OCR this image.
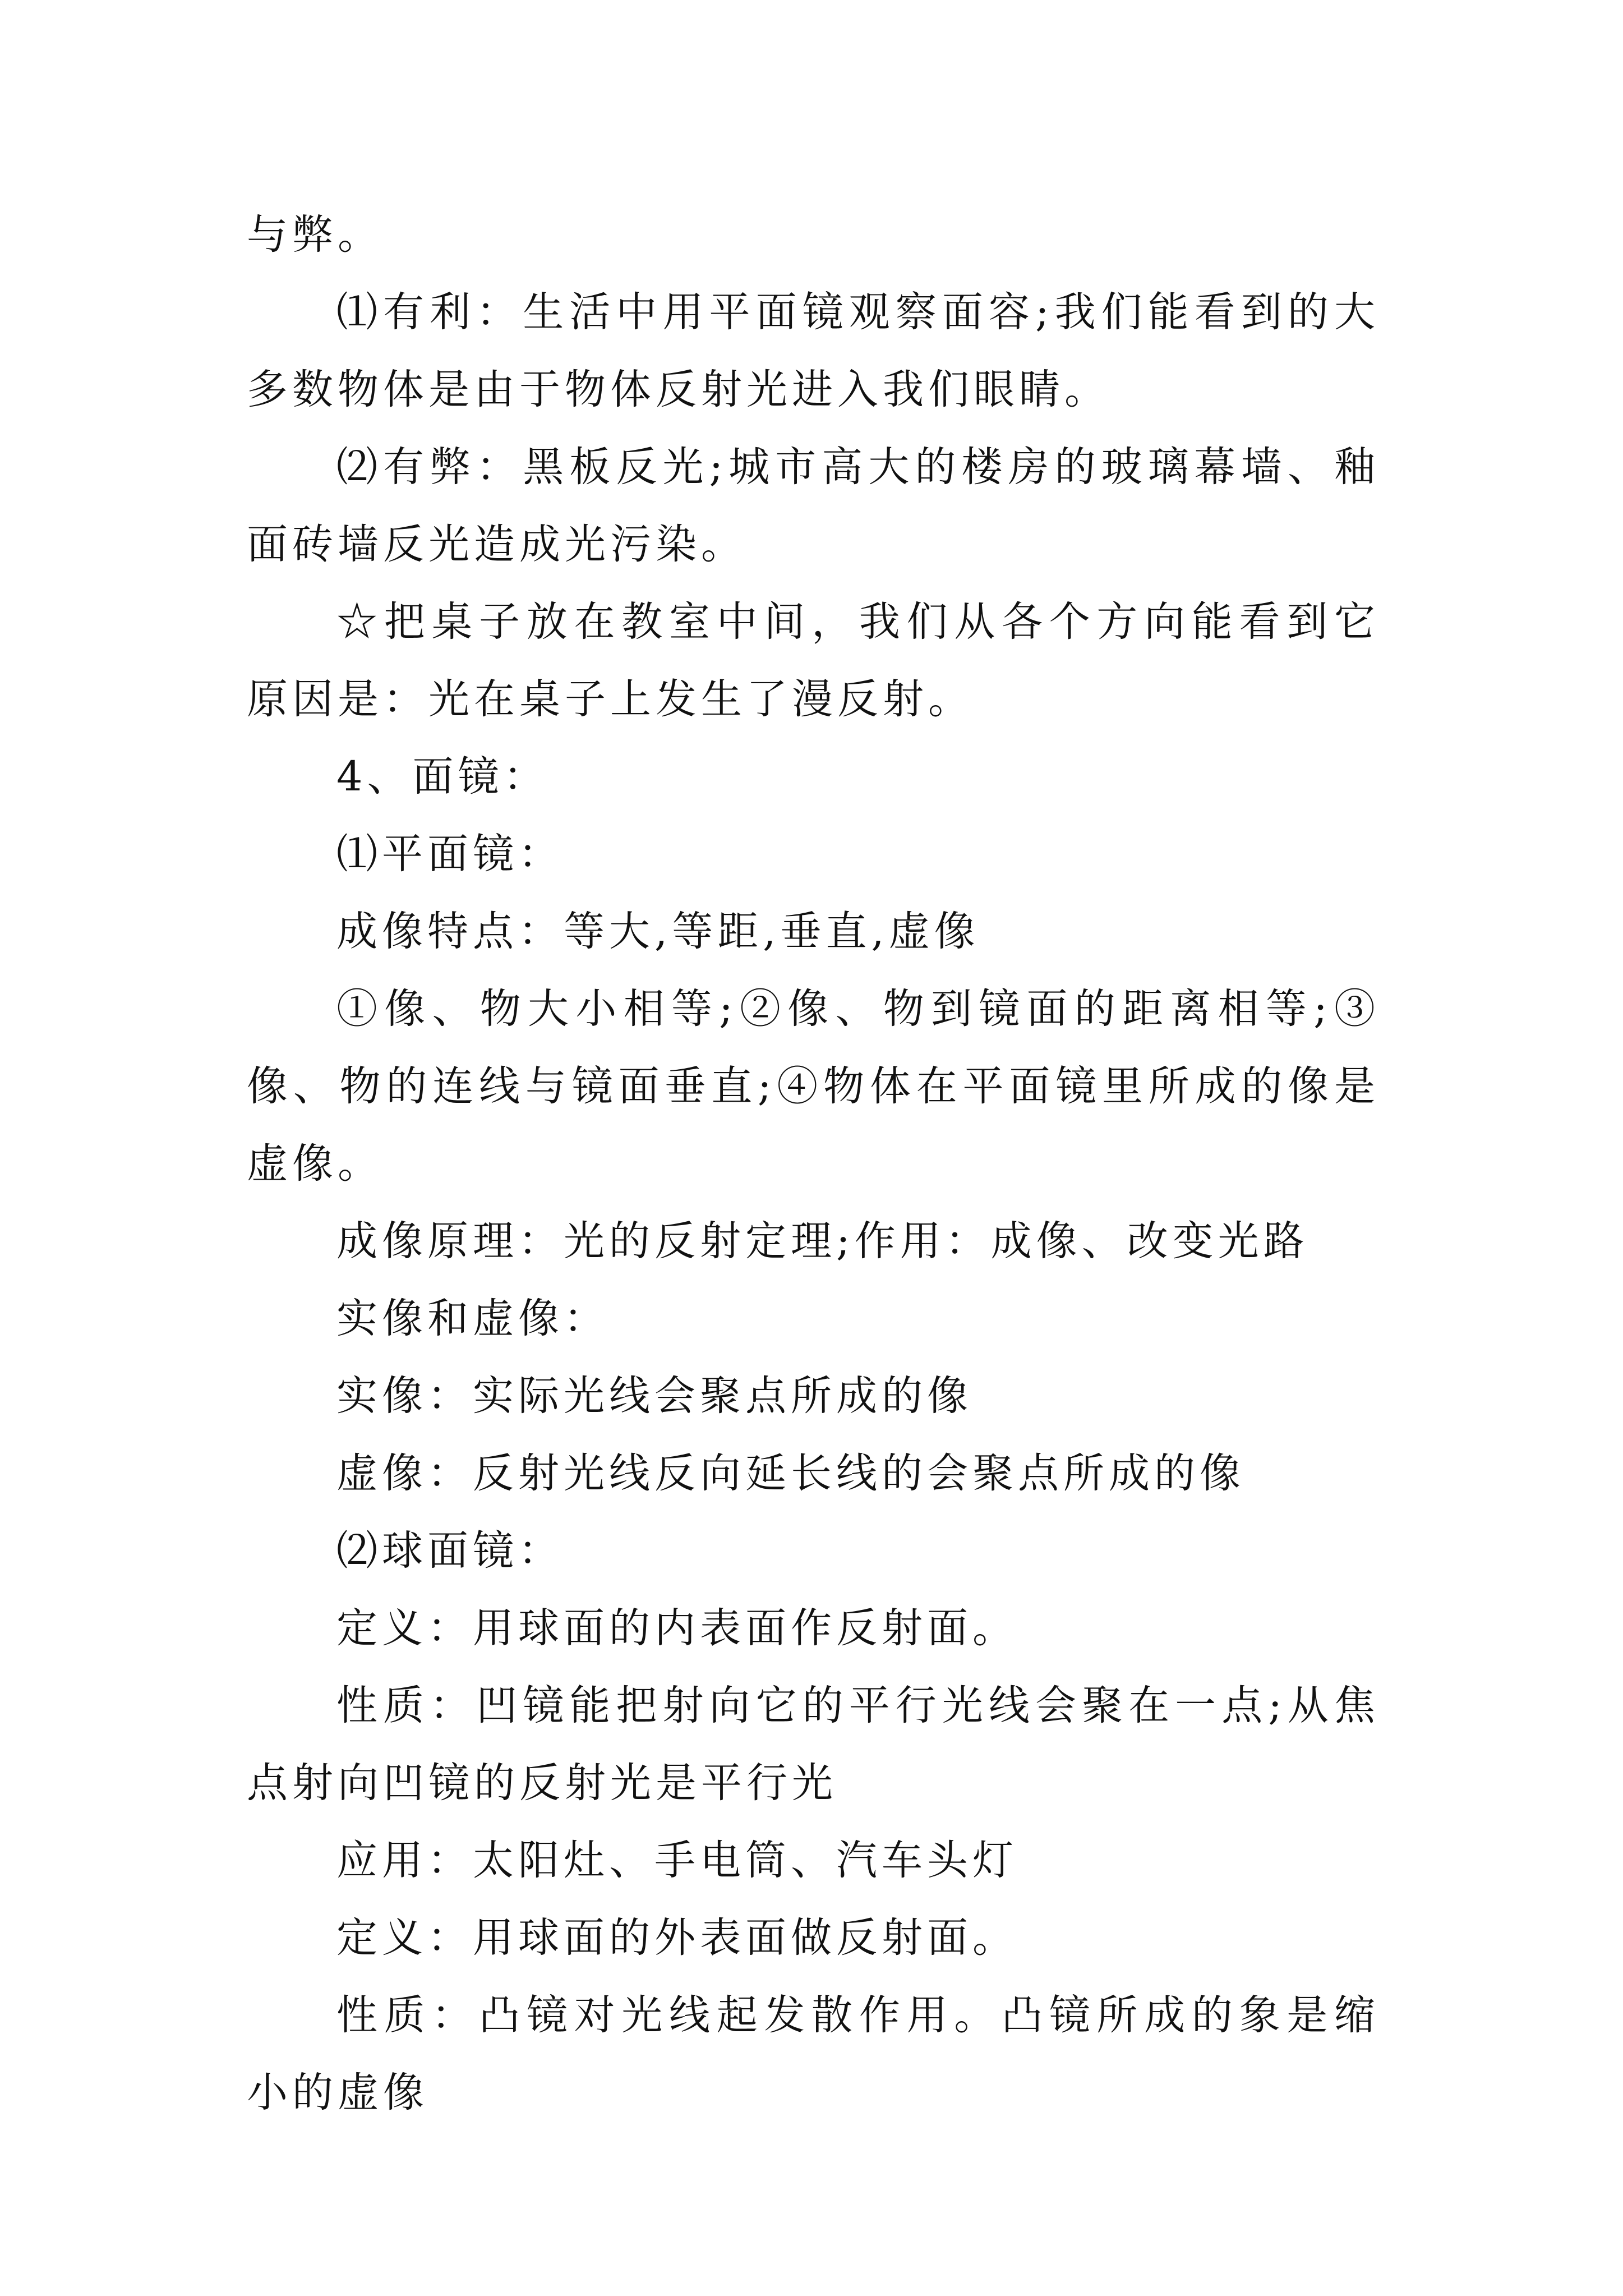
与弊。

⑴有利：生活中用平面镜观察面容;我们能看到的大多数物体是由于物体反射光进入我们眼睛。

⑵有弊：黑板反光;城市高大的楼房的玻璃幕墙、釉面砖墙反光造成光污染。

☆把桌子放在教室中间，我们从各个方向能看到它原因是：光在桌子上发生了漫反射。

4、面镜：

⑴平面镜：

成像特点：等大,等距,垂直,虚像

①像、物大小相等;②像、物到镜面的距离相等;③像、物的连线与镜面垂直;④物体在平面镜里所成的像是虚像。

成像原理：光的反射定理;作用：成像、改变光路

实像和虚像：

实像：实际光线会聚点所成的像

虚像：反射光线反向延长线的会聚点所成的像

⑵球面镜：

定义：用球面的内表面作反射面。

性质：凹镜能把射向它的平行光线会聚在一点;从焦点射向凹镜的反射光是平行光

应用：太阳灶、手电筒、汽车头灯

定义：用球面的外表面做反射面。

性质：凸镜对光线起发散作用。凸镜所成的象是缩小的虚像
